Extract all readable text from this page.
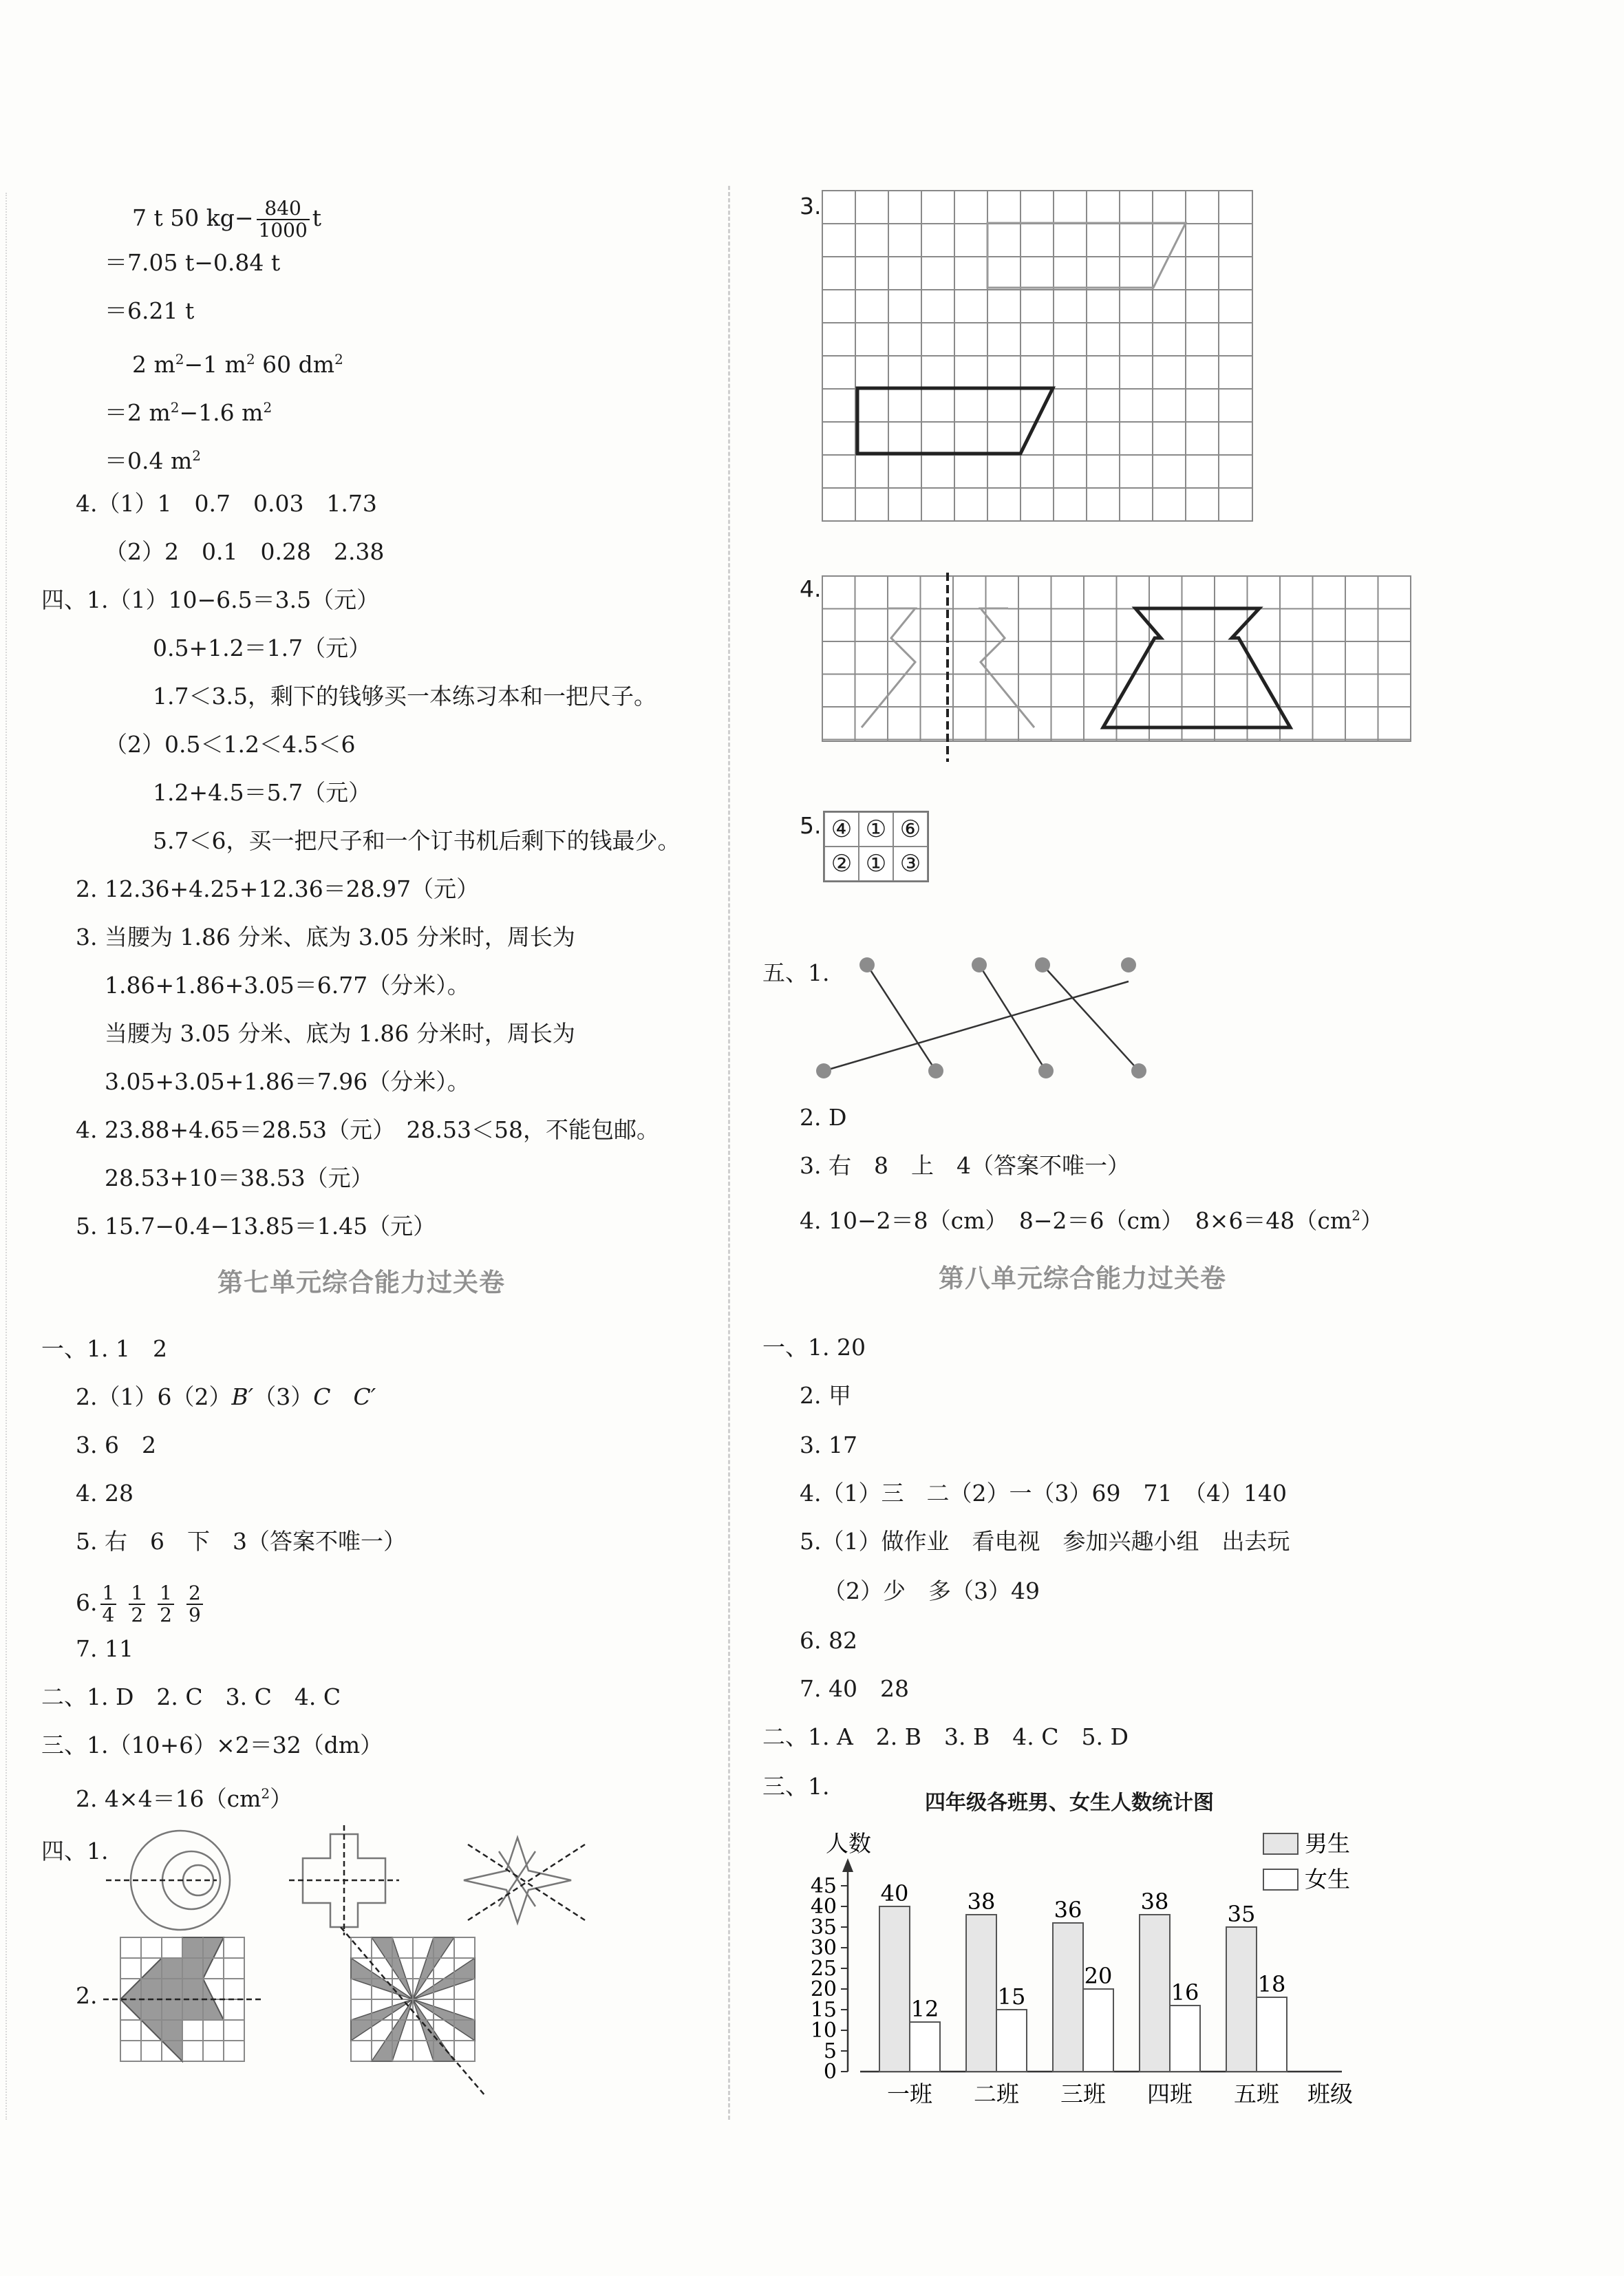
7 t 50 $kg- \frac{840}{1000}$ t
＝7.05 t−0.84 t
＝6.21 t
2 $m^2-1$ $m^2$ 60 $dm^2$
＝2 $m^2-1.6$ $m^2$
＝0.4 $m^2$
4.（1）1　0.7　0.03　1.73
（2）2　0.1　0.28　2.38
四、1.（1）10−6.5＝3.5（元）
0.5+1.2＝1.7（元）
1.7＜3.5，剩下的钱够买一本练习本和一把尺子。
（2）0.5＜1.2＜4.5＜6
1.2+4.5＝5.7（元）
5.7＜6，买一把尺子和一个订书机后剩下的钱最少。
2. 12.36+4.25+12.36＝28.97（元）
3. 当腰为 1.86 分米、底为 3.05 分米时，周长为
1.86+1.86+3.05＝6.77（分米）。
当腰为 3.05 分米、底为 1.86 分米时，周长为
3.05+3.05+1.86＝7.96（分米）。
4. 23.88+4.65＝28.53（元）　28.53＜58，不能包邮。
28.53+10＝38.53（元）
5. 15.7−0.4−13.85＝1.45（元）
第七单元综合能力过关卷
一、1. 1　2
2.（1）6（2）B′（3）C　C′
3. 6　2
4. 28
5. 右　6　下　3（答案不唯一）
6. $\frac{1}{4} \frac{1}{2} \frac{1}{2} \frac{2}{9}$
7. 11
二、1. D　2. C　3. C　4. C
三、1.（10+6）×2＝32（dm）
2. $4\times 4=16(cm^2)$
四、1.
2.
3.
4.
5. ④ ① ⑥
② ① ③
五、1.
2. D
3. 右　8　上　4（答案不唯一）
4. 10−2＝8（cm）　8−2＝6（cm）　$8\times 6=48(cm^2)$
第八单元综合能力过关卷
一、1. 20
2. 甲
3. 17
4.（1）三　二（2）一（3）69　71　（4）140
5.（1）做作业　看电视　参加兴趣小组　出去玩
（2）少　多（3）49
6. 82
7. 40　28
二、1. A　2. B　3. B　4. C　5. D
三、1.
四年级各班男、女生人数统计图
人数
班级
0
5
10
15
20
25
30
35
40
45 40
12
一班
38
15
二班
36
20
三班
38
16
四班
35
18
五班
男生
女生
